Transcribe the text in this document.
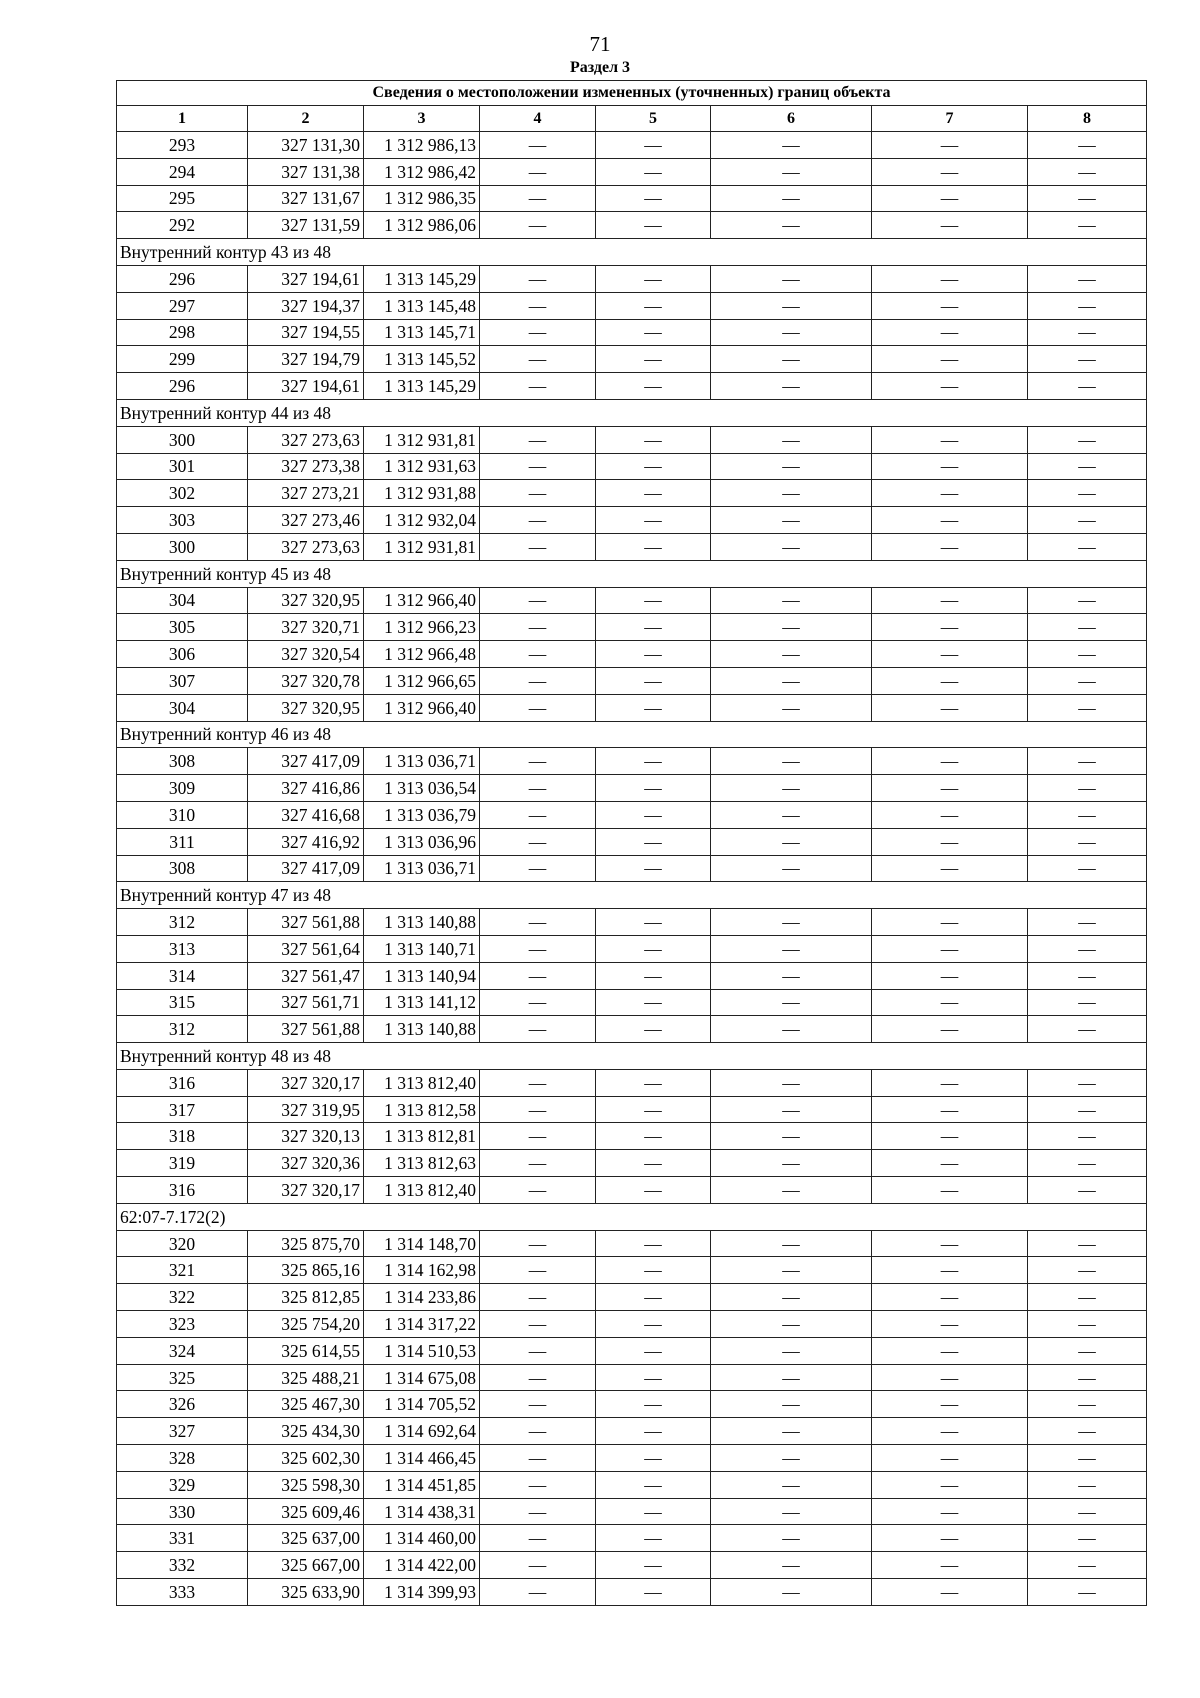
71
Раздел 3
Сведения о местоположении измененных (уточненных) границ объекта							
1	2	3	4	5	6	7	8
293	327 131,30	1 312 986,13	—	—	—	—	—
294	327 131,38	1 312 986,42	—	—	—	—	—
295	327 131,67	1 312 986,35	—	—	—	—	—
292	327 131,59	1 312 986,06	—	—	—	—	—
Внутренний контур 43 из 48							
296	327 194,61	1 313 145,29	—	—	—	—	—
297	327 194,37	1 313 145,48	—	—	—	—	—
298	327 194,55	1 313 145,71	—	—	—	—	—
299	327 194,79	1 313 145,52	—	—	—	—	—
296	327 194,61	1 313 145,29	—	—	—	—	—
Внутренний контур 44 из 48							
300	327 273,63	1 312 931,81	—	—	—	—	—
301	327 273,38	1 312 931,63	—	—	—	—	—
302	327 273,21	1 312 931,88	—	—	—	—	—
303	327 273,46	1 312 932,04	—	—	—	—	—
300	327 273,63	1 312 931,81	—	—	—	—	—
Внутренний контур 45 из 48							
304	327 320,95	1 312 966,40	—	—	—	—	—
305	327 320,71	1 312 966,23	—	—	—	—	—
306	327 320,54	1 312 966,48	—	—	—	—	—
307	327 320,78	1 312 966,65	—	—	—	—	—
304	327 320,95	1 312 966,40	—	—	—	—	—
Внутренний контур 46 из 48							
308	327 417,09	1 313 036,71	—	—	—	—	—
309	327 416,86	1 313 036,54	—	—	—	—	—
310	327 416,68	1 313 036,79	—	—	—	—	—
311	327 416,92	1 313 036,96	—	—	—	—	—
308	327 417,09	1 313 036,71	—	—	—	—	—
Внутренний контур 47 из 48							
312	327 561,88	1 313 140,88	—	—	—	—	—
313	327 561,64	1 313 140,71	—	—	—	—	—
314	327 561,47	1 313 140,94	—	—	—	—	—
315	327 561,71	1 313 141,12	—	—	—	—	—
312	327 561,88	1 313 140,88	—	—	—	—	—
Внутренний контур 48 из 48							
316	327 320,17	1 313 812,40	—	—	—	—	—
317	327 319,95	1 313 812,58	—	—	—	—	—
318	327 320,13	1 313 812,81	—	—	—	—	—
319	327 320,36	1 313 812,63	—	—	—	—	—
316	327 320,17	1 313 812,40	—	—	—	—	—
62:07-7.172(2)							
320	325 875,70	1 314 148,70	—	—	—	—	—
321	325 865,16	1 314 162,98	—	—	—	—	—
322	325 812,85	1 314 233,86	—	—	—	—	—
323	325 754,20	1 314 317,22	—	—	—	—	—
324	325 614,55	1 314 510,53	—	—	—	—	—
325	325 488,21	1 314 675,08	—	—	—	—	—
326	325 467,30	1 314 705,52	—	—	—	—	—
327	325 434,30	1 314 692,64	—	—	—	—	—
328	325 602,30	1 314 466,45	—	—	—	—	—
329	325 598,30	1 314 451,85	—	—	—	—	—
330	325 609,46	1 314 438,31	—	—	—	—	—
331	325 637,00	1 314 460,00	—	—	—	—	—
332	325 667,00	1 314 422,00	—	—	—	—	—
333	325 633,90	1 314 399,93	—	—	—	—	—
